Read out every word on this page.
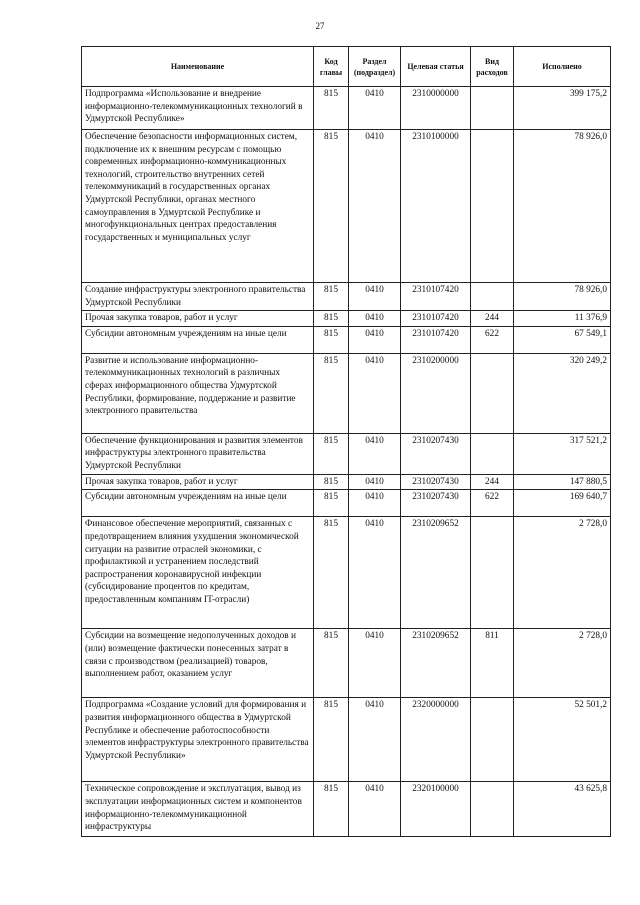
27
Наименование	Код главы	Раздел (подраздел)	Целевая статья	Вид расходов	Исполнено
Подпрограмма «Использование и внедрение информационно-телекоммуникационных технологий в Удмуртской Республике»	815	0410	2310000000		399 175,2
Обеспечение безопасности информационных систем, подключение их к внешним ресурсам с помощью современных информационно-коммуникационных технологий, строительство внутренних сетей телекоммуникаций в государственных органах Удмуртской Республики, органах местного самоуправления в Удмуртской Республике и многофункциональных центрах предоставления государственных и муниципальных услуг	815	0410	2310100000		78 926,0
Создание инфраструктуры электронного правительства Удмуртской Республики	815	0410	2310107420		78 926,0
Прочая закупка товаров, работ и услуг	815	0410	2310107420	244	11 376,9
Субсидии автономным учреждениям на иные цели	815	0410	2310107420	622	67 549,1
Развитие и использование информационно-телекоммуникационных технологий в различных сферах информационного общества Удмуртской Республики, формирование, поддержание и развитие электронного правительства	815	0410	2310200000		320 249,2
Обеспечение функционирования и развития элементов инфраструктуры электронного правительства Удмуртской Республики	815	0410	2310207430		317 521,2
Прочая закупка товаров, работ и услуг	815	0410	2310207430	244	147 880,5
Субсидии автономным учреждениям на иные цели	815	0410	2310207430	622	169 640,7
Финансовое обеспечение мероприятий, связанных с предотвращением влияния ухудшения экономической ситуации на развитие отраслей экономики, с профилактикой и устранением последствий распространения коронавирусной инфекции (субсидирование процентов по кредитам, предоставленным компаниям IT-отрасли)	815	0410	2310209652		2 728,0
Субсидии на возмещение недополученных доходов и (или) возмещение фактически понесенных затрат в связи с производством (реализацией) товаров, выполнением работ, оказанием услуг	815	0410	2310209652	811	2 728,0
Подпрограмма «Создание условий для формирования и развития информационного общества в Удмуртской Республике и обеспечение работоспособности элементов инфраструктуры электронного правительства Удмуртской Республики»	815	0410	2320000000		52 501,2
Техническое сопровождение и эксплуатация, вывод из эксплуатации информационных систем и компонентов информационно-телекоммуникационной инфраструктуры	815	0410	2320100000		43 625,8
